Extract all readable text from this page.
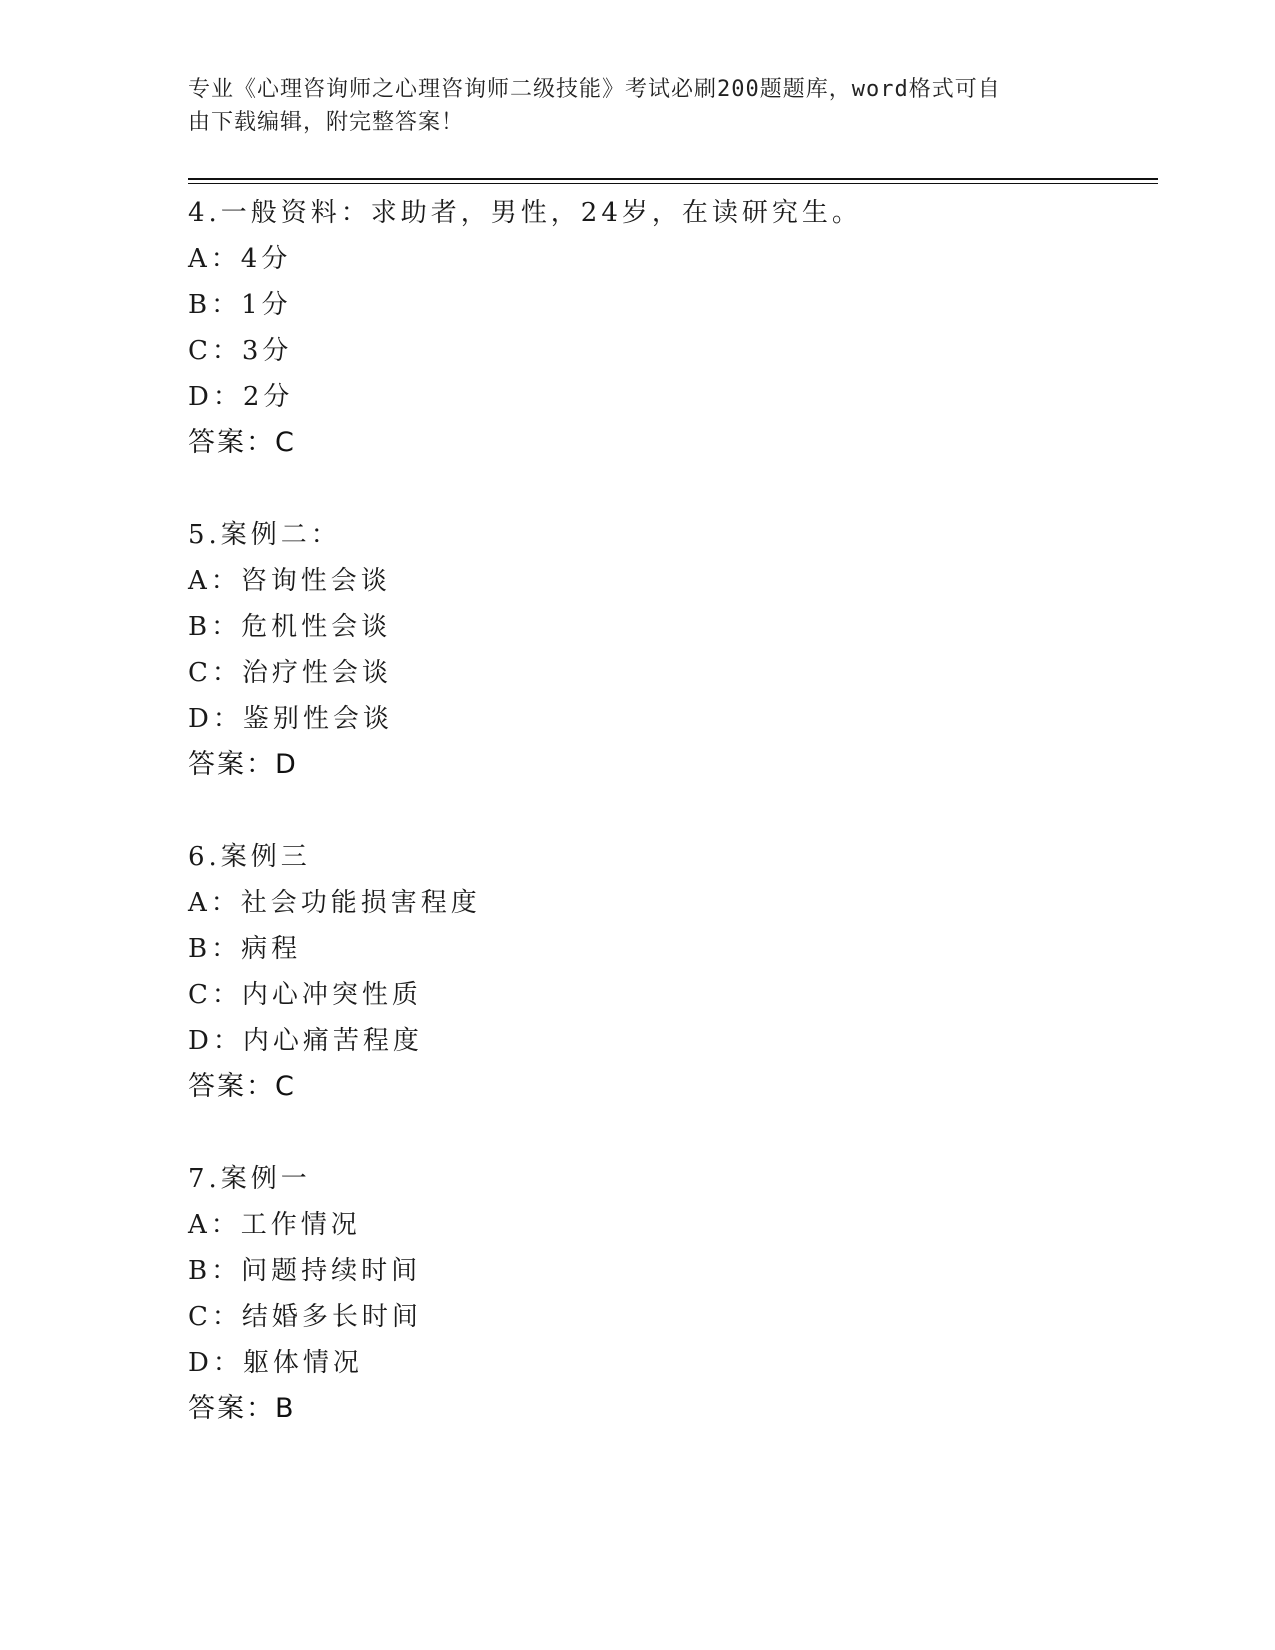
专业《心理咨询师之心理咨询师二级技能》考试必刷200题题库，word格式可自
由下载编辑，附完整答案！
4.一般资料：求助者，男性，24岁，在读研究生。
A：4分
B：1分
C：3分
D：2分
答案：C
5.案例二：
A：咨询性会谈
B：危机性会谈
C：治疗性会谈
D：鉴别性会谈
答案：D
6.案例三
A：社会功能损害程度
B：病程
C：内心冲突性质
D：内心痛苦程度
答案：C
7.案例一
A：工作情况
B：问题持续时间
C：结婚多长时间
D：躯体情况
答案：B
